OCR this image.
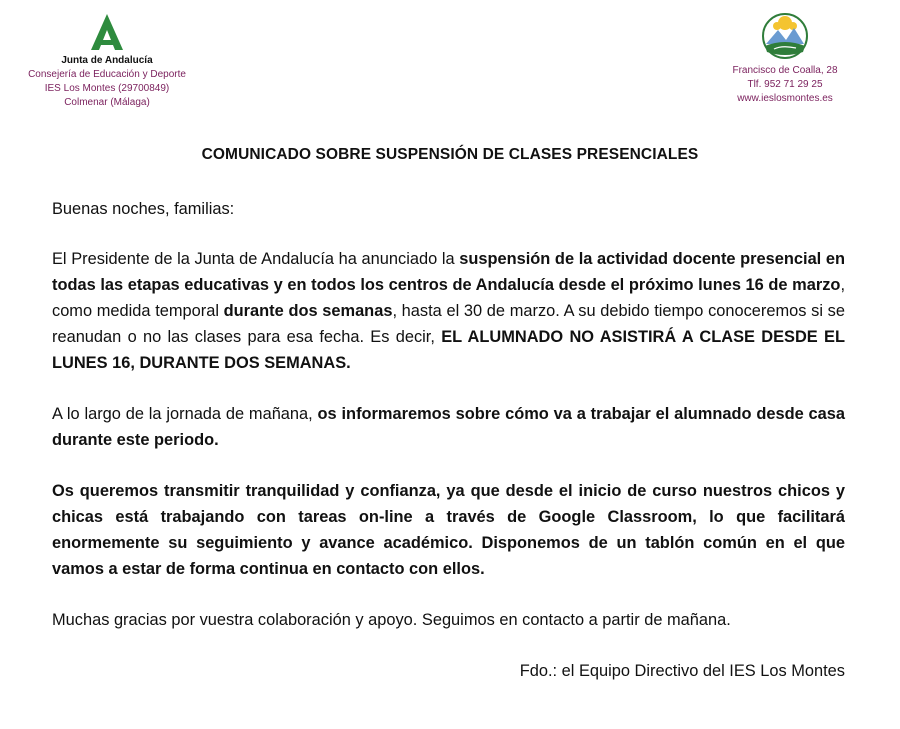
Junta de Andalucía
Consejería de Educación y Deporte
IES Los Montes (29700849)
Colmenar (Málaga)
Francisco de Coalla, 28
Tlf. 952 71 29 25
www.ieslosmontes.es
COMUNICADO SOBRE SUSPENSIÓN DE CLASES PRESENCIALES

Buenas noches, familias:

El Presidente de la Junta de Andalucía ha anunciado la suspensión de la actividad docente presencial en todas las etapas educativas y en todos los centros de Andalucía desde el próximo lunes 16 de marzo, como medida temporal durante dos semanas, hasta el 30 de marzo. A su debido tiempo conoceremos si se reanudan o no las clases para esa fecha. Es decir, EL ALUMNADO NO ASISTIRÁ A CLASE DESDE EL LUNES 16, DURANTE DOS SEMANAS.

A lo largo de la jornada de mañana, os informaremos sobre cómo va a trabajar el alumnado desde casa durante este periodo.

Os queremos transmitir tranquilidad y confianza, ya que desde el inicio de curso nuestros chicos y chicas está trabajando con tareas on-line a través de Google Classroom, lo que facilitará enormemente su seguimiento y avance académico. Disponemos de un tablón común en el que vamos a estar de forma continua en contacto con ellos.

Muchas gracias por vuestra colaboración y apoyo. Seguimos en contacto a partir de mañana.

Fdo.: el Equipo Directivo del IES Los Montes
